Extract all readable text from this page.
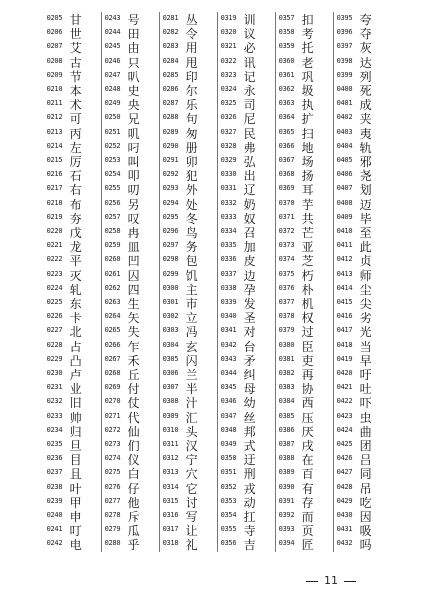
0205 甘
0206 世
0207 艾
0208 古
0209 节
0210 本
0211 术
0212 可
0213 丙
0214 左
0215 厉
0216 石
0217 右
0218 布
0219 夯
0220 戊
0221 龙
0222 平
0223 灭
0224 轧
0225 东
0226 卡
0227 北
0228 占
0229 凸
0230 卢
0231 业
0232 旧
0233 帅
0234 归
0235 旦
0236 目
0237 且
0238 叶
0239 甲
0240 申
0241 叮
0242 电
0243 号
0244 田
0245 由
0246 只
0247 叭
0248 史
0249 央
0250 兄
0251 叽
0252 叼
0253 叫
0254 叩
0255 叨
0256 另
0257 叹
0258 冉
0259 皿
0260 凹
0261 囚
0262 四
0263 生
0264 矢
0265 失
0266 乍
0267 禾
0268 丘
0269 付
0270 仗
0271 代
0272 仙
0273 们
0274 仪
0275 白
0276 仔
0277 他
0278 斥
0279 瓜
0280 乎
0281 丛
0282 令
0283 用
0284 甩
0285 印
0286 尔
0287 乐
0288 句
0289 匆
0290 册
0291 卯
0292 犯
0293 外
0294 处
0295 冬
0296 鸟
0297 务
0298 包
0299 饥
0300 主
0301 市
0302 立
0303 冯
0304 玄
0305 闪
0306 兰
0307 半
0308 汁
0309 汇
0310 头
0311 汉
0312 宁
0313 穴
0314 它
0315 讨
0316 写
0317 让
0318 礼
0319 训
0320 议
0321 必
0322 讯
0323 记
0324 永
0325 司
0326 尼
0327 民
0328 弗
0329 弘
0330 出
0331 辽
0332 奶
0333 奴
0334 召
0335 加
0336 皮
0337 边
0338 孕
0339 发
0340 圣
0341 对
0342 台
0343 矛
0344 纠
0345 母
0346 幼
0347 丝
0348 邦
0349 式
0350 迂
0351 刑
0352 戎
0353 动
0354 扛
0355 寺
0356 吉
0357 扣
0358 考
0359 托
0360 老
0361 巩
0362 圾
0363 执
0364 扩
0365 扫
0366 地
0367 场
0368 扬
0369 耳
0370 芋
0371 共
0372 芒
0373 亚
0374 芝
0375 朽
0376 朴
0377 机
0378 权
0379 过
0380 臣
0381 吏
0382 再
0383 协
0384 西
0385 压
0386 厌
0387 戌
0388 在
0389 百
0390 有
0391 存
0392 而
0393 页
0394 匠
0395 夸
0396 夺
0397 灰
0398 达
0399 列
0400 死
0401 成
0402 夹
0403 夷
0404 轨
0405 邪
0406 尧
0407 划
0408 迈
0409 毕
0410 至
0411 此
0412 贞
0413 师
0414 尘
0415 尖
0416 劣
0417 光
0418 当
0419 早
0420 吁
0421 吐
0422 吓
0423 虫
0424 曲
0425 团
0426 吕
0427 同
0428 吊
0429 吃
0430 因
0431 吸
0432 吗
11
